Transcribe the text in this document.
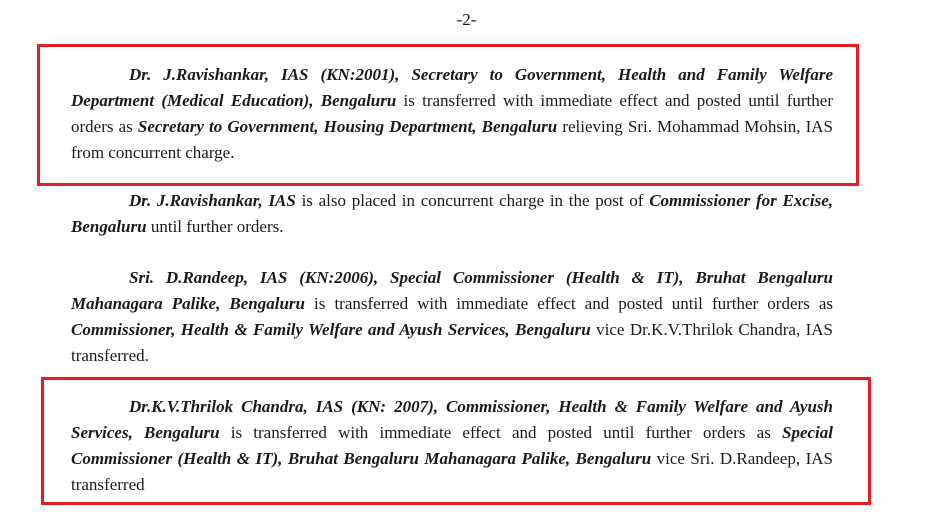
-2-

Dr. J.Ravishankar, IAS (KN:2001), Secretary to Government, Health and Family Welfare Department (Medical Education), Bengaluru is transferred with immediate effect and posted until further orders as Secretary to Government, Housing Department, Bengaluru relieving Sri. Mohammad Mohsin, IAS from concurrent charge.

Dr. J.Ravishankar, IAS is also placed in concurrent charge in the post of Commissioner for Excise, Bengaluru until further orders.

Sri. D.Randeep, IAS (KN:2006), Special Commissioner (Health & IT), Bruhat Bengaluru Mahanagara Palike, Bengaluru is transferred with immediate effect and posted until further orders as Commissioner, Health & Family Welfare and Ayush Services, Bengaluru vice Dr.K.V.Thrilok Chandra, IAS transferred.

Dr.K.V.Thrilok Chandra, IAS (KN: 2007), Commissioner, Health & Family Welfare and Ayush Services, Bengaluru is transferred with immediate effect and posted until further orders as Special Commissioner (Health & IT), Bruhat Bengaluru Mahanagara Palike, Bengaluru vice Sri. D.Randeep, IAS transferred
